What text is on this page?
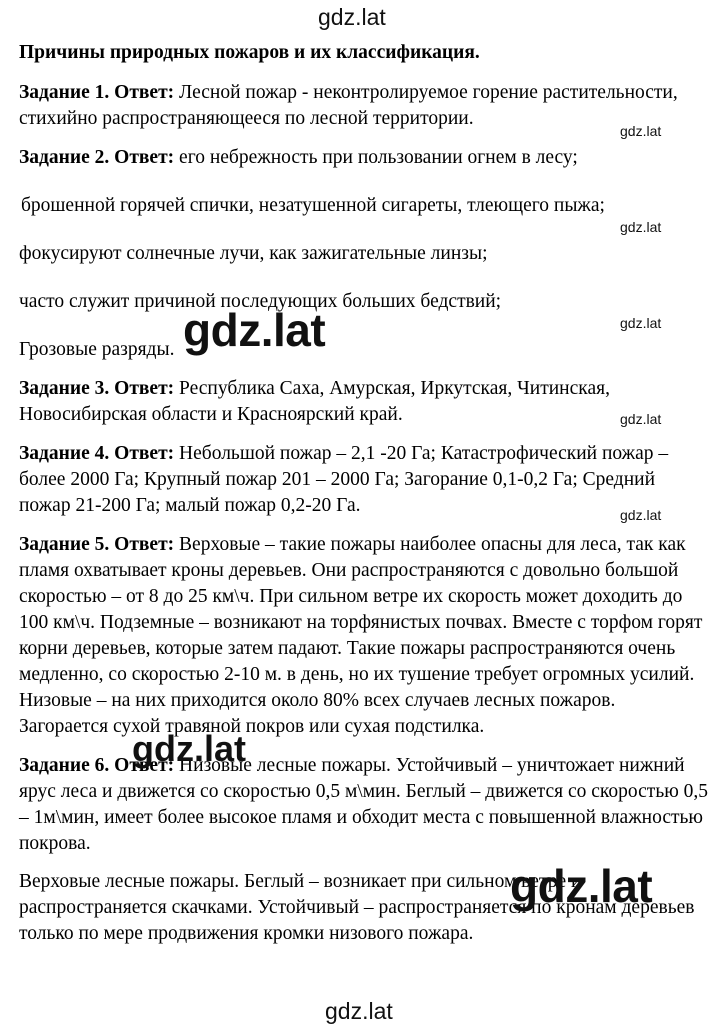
Причины природных пожаров и их классификация.
Задание 1. Ответ: Лесной пожар - неконтролируемое горение растительности, стихийно распространяющееся по лесной территории.
Задание 2. Ответ: его небрежность при пользовании огнем в лесу;
брошенной горячей спички, незатушенной сигареты, тлеющего пыжа;
фокусируют солнечные лучи, как зажигательные линзы;
часто служит причиной последующих больших бедствий;
Грозовые разряды.
Задание 3. Ответ: Республика Саха, Амурская, Иркутская, Читинская, Новосибирская области и Красноярский край.
Задание 4. Ответ: Небольшой пожар – 2,1 -20 Га; Катастрофический пожар – более 2000 Га; Крупный пожар 201 – 2000 Га; Загорание 0,1-0,2 Га; Средний пожар 21-200 Га; малый пожар 0,2-20 Га.
Задание 5. Ответ: Верховые – такие пожары наиболее опасны для леса, так как пламя охватывает кроны деревьев. Они распространяются с довольно большой скоростью – от 8 до 25 км\ч. При сильном ветре их скорость может доходить до 100 км\ч. Подземные – возникают на торфянистых почвах. Вместе с торфом горят корни деревьев, которые затем падают. Такие пожары распространяются очень медленно, со скоростью 2-10 м. в день, но их тушение требует огромных усилий. Низовые – на них приходится около 80% всех случаев лесных пожаров. Загорается сухой травяной покров или сухая подстилка.
Задание 6. Ответ: Низовые лесные пожары. Устойчивый – уничтожает нижний ярус леса и движется со скоростью 0,5 м\мин. Беглый – движется со скоростью 0,5 – 1м\мин, имеет более высокое пламя и обходит места с повышенной влажностью покрова.
Верховые лесные пожары. Беглый – возникает при сильном ветре и распространяется скачками. Устойчивый – распространяется по кронам деревьев только по мере продвижения кромки низового пожара.
gdz.lat
gdz.lat
gdz.lat
gdz.lat
gdz.lat
gdz.lat
gdz.lat
gdz.lat
gdz.lat
gdz.lat
